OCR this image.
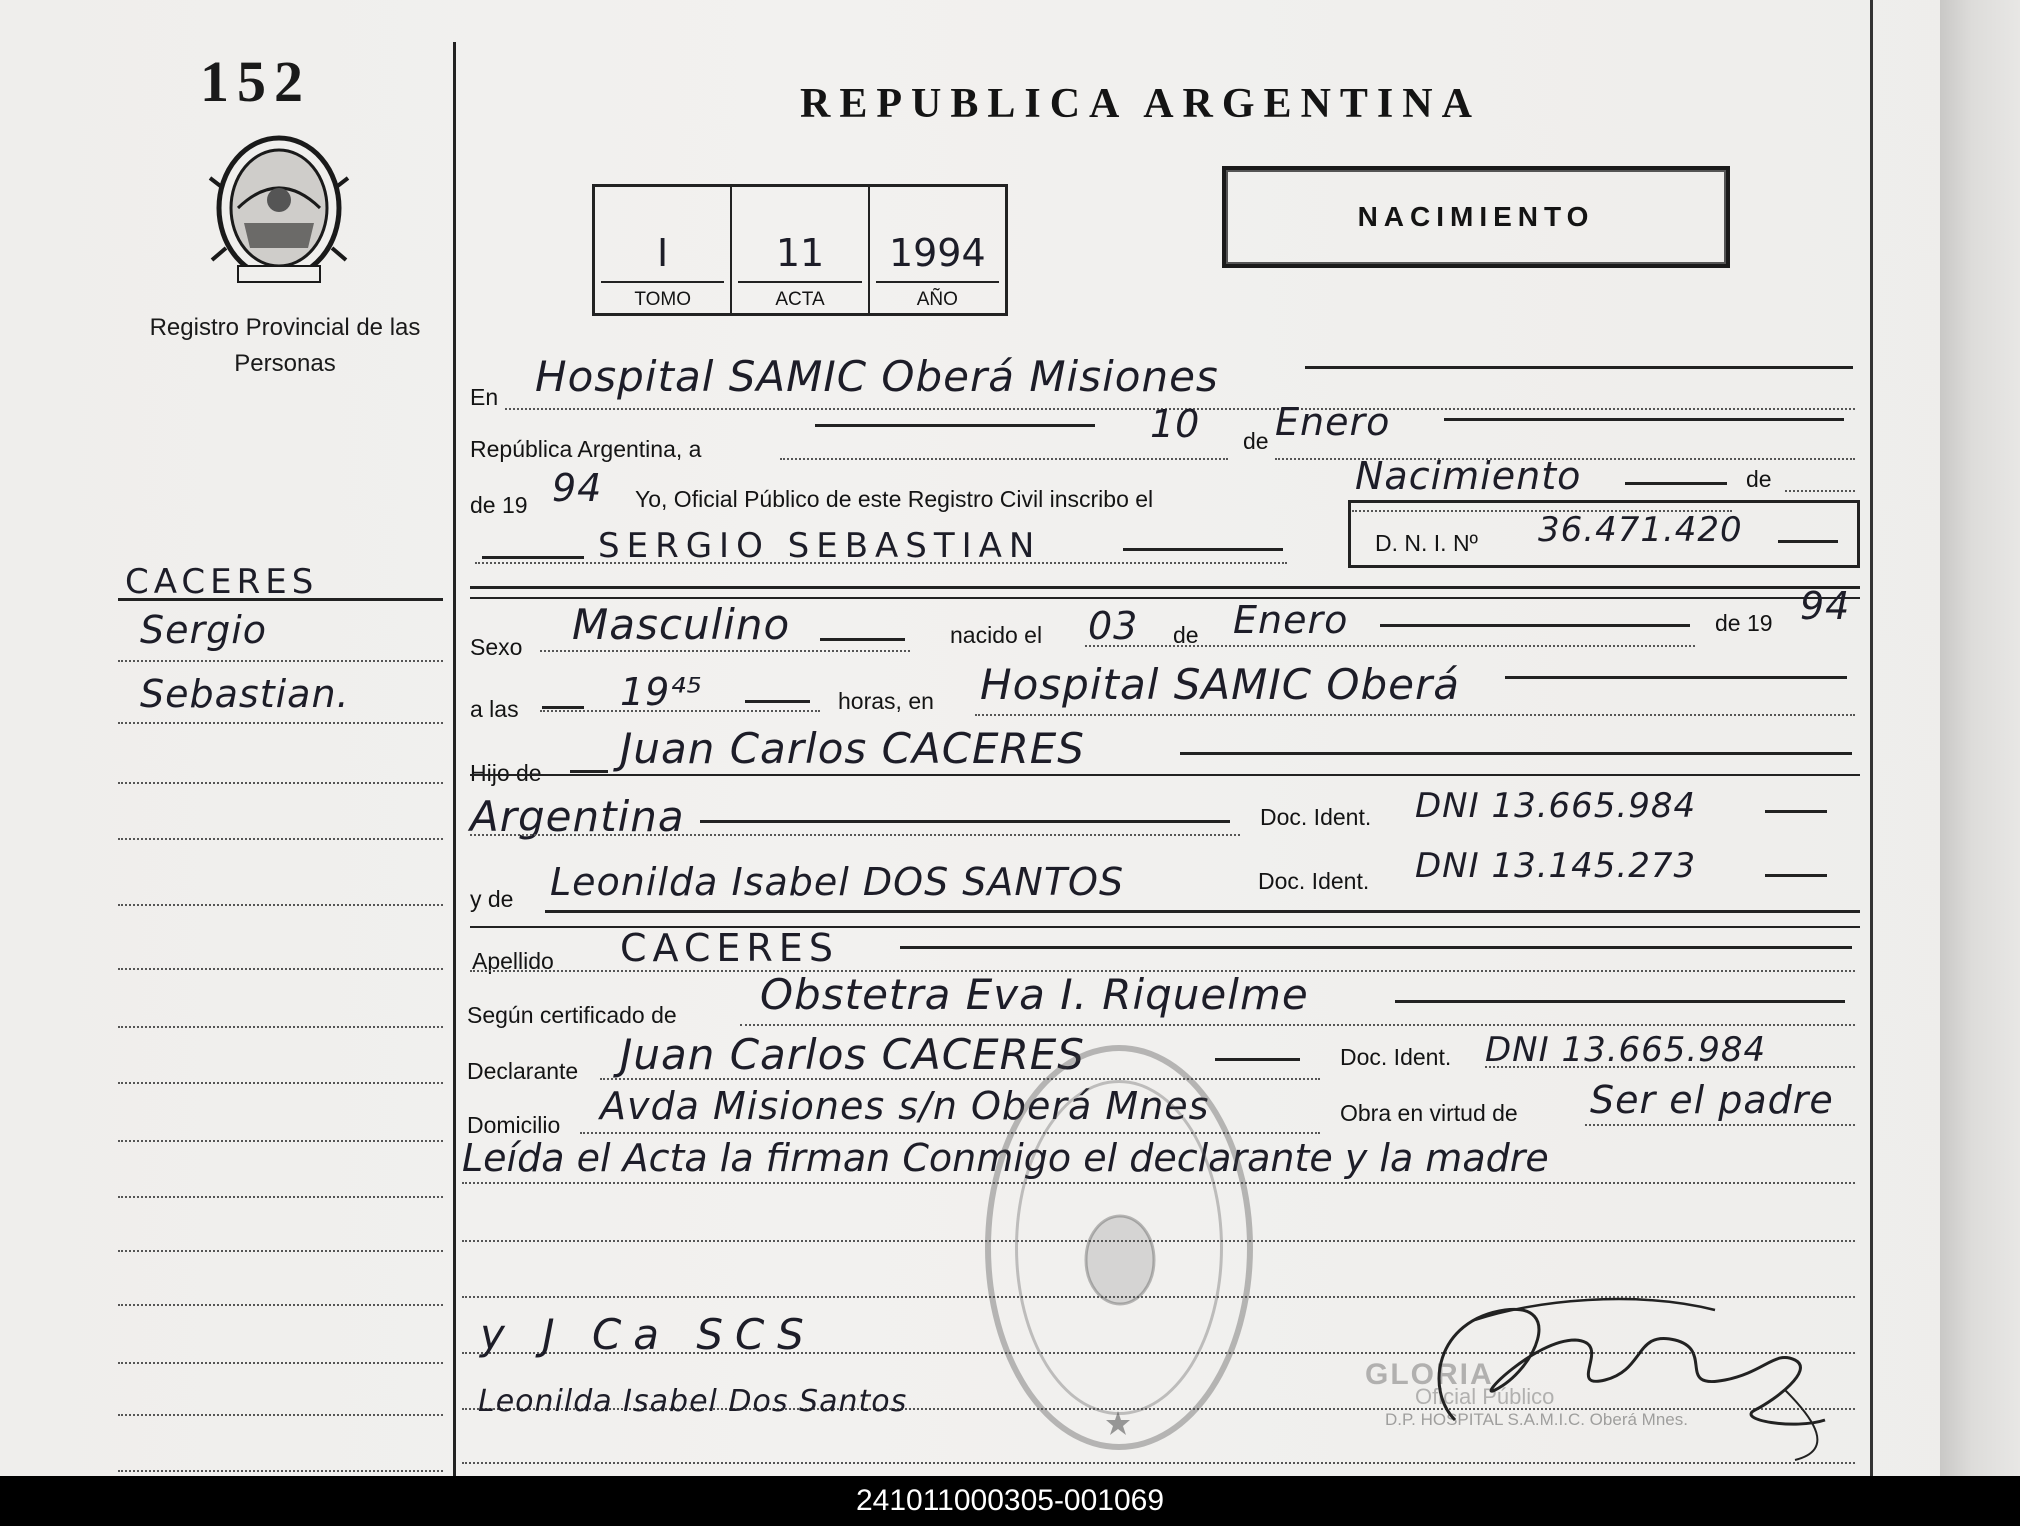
152
Registro Provincial de las Personas
CACERES
Sergio
Sebastian.
REPUBLICA ARGENTINA
I
TOMO
11
ACTA
1994
AÑO
NACIMIENTO
En Hospital SAMIC Oberá Misiones
República Argentina, a
10 de Enero
de 19 94 Yo, Oficial Público de este Registro Civil inscribo el
Nacimiento	de
SERGIO SEBASTIAN	D. N. I. Nº 36.471.420
Sexo Masculino	nacido el 03 de Enero	de 19 94
a las	19⁴⁵	horas, en Hospital SAMIC Oberá
Hijo de Juan Carlos CACERES
Argentina	Doc. Ident. DNI 13.665.984
y de Leonilda Isabel DOS SANTOS	Doc. Ident. DNI 13.145.273
Apellido CACERES
Según certificado de Obstetra Eva I. Riquelme
Declarante Juan Carlos CACERES	Doc. Ident. DNI 13.665.984
Domicilio Avda Misiones s/n Oberá Mnes	Obra en virtud de Ser el padre
Leída el Acta la firman Conmigo el declarante y la madre
y J Ca SCS
Leonilda Isabel Dos Santos
GLORIA
Oficial Público
D.P. HOSPITAL S.A.M.I.C. Oberá Mnes.
241011000305-001069
